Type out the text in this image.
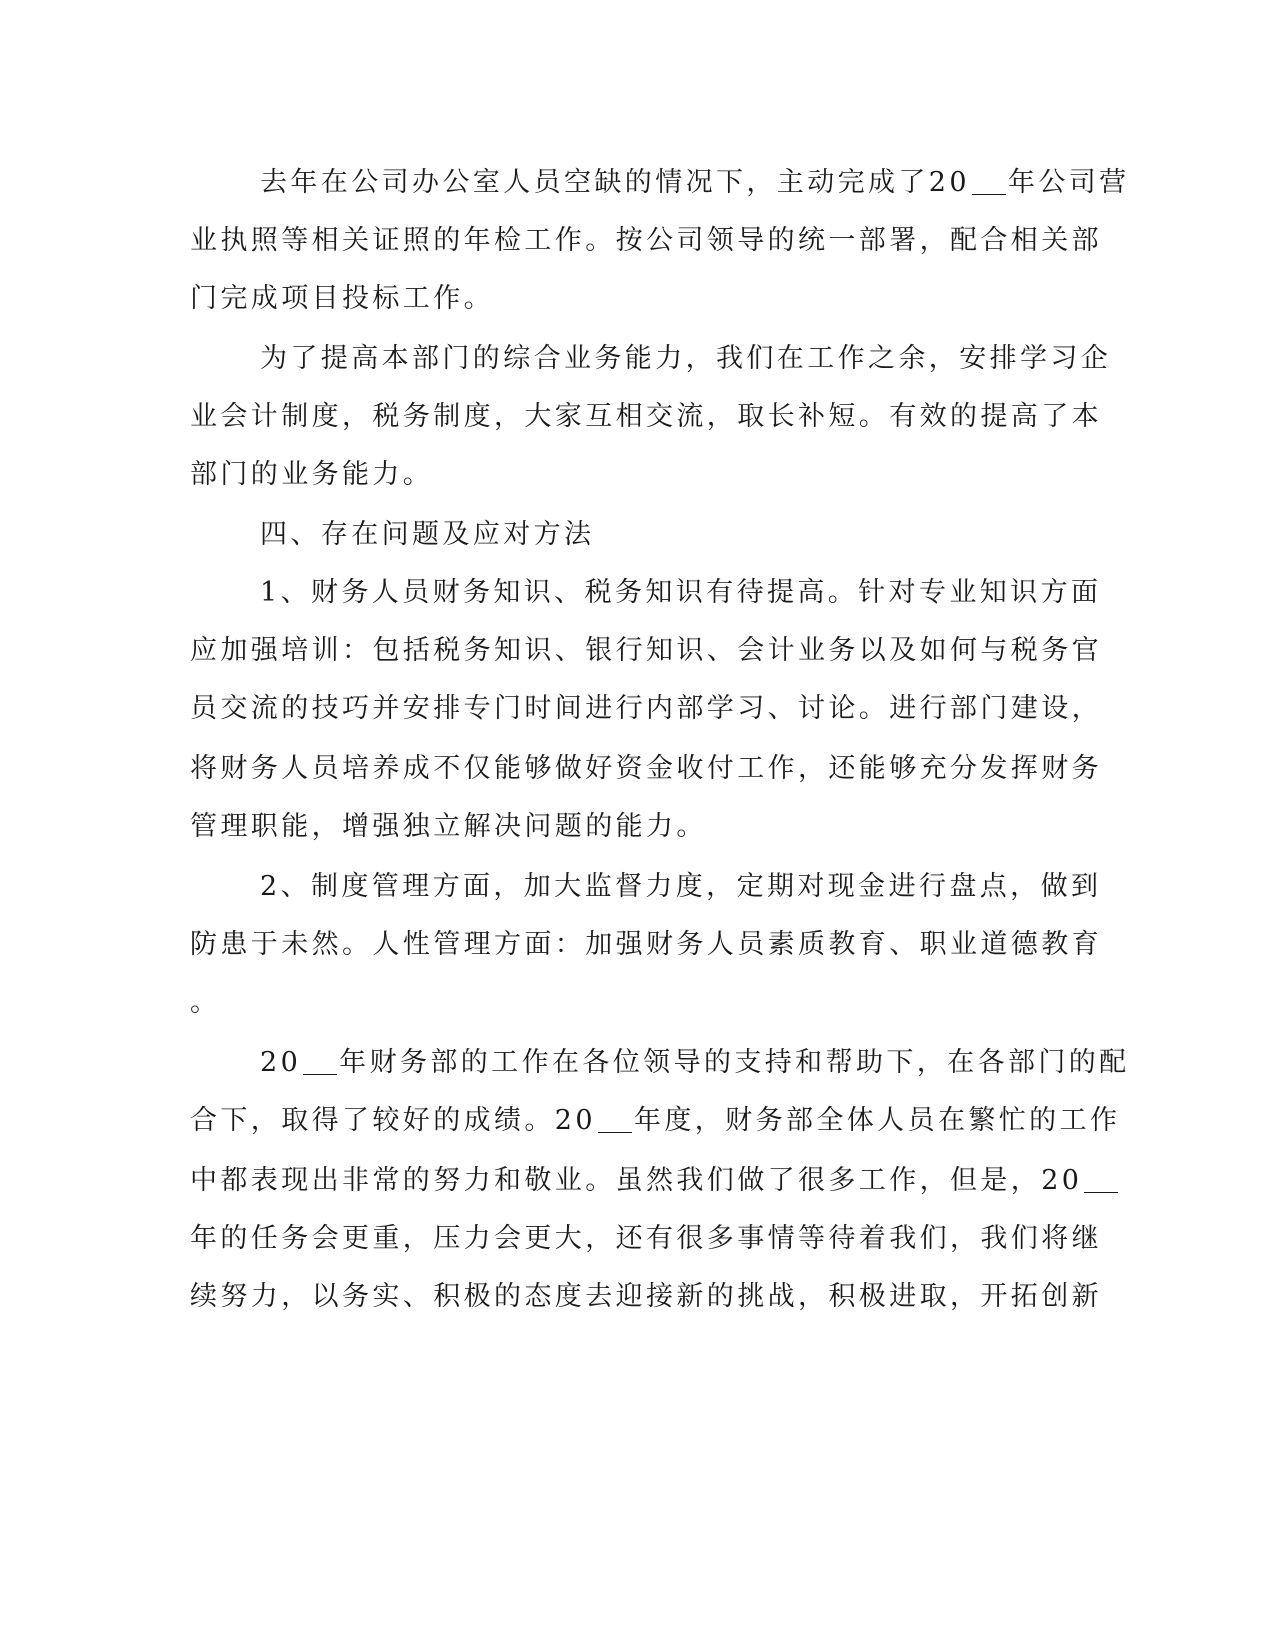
去年在公司办公室人员空缺的情况下，主动完成了20 年公司营

业执照等相关证照的年检工作。按公司领导的统一部署，配合相关部

门完成项目投标工作。

为了提高本部门的综合业务能力，我们在工作之余，安排学习企

业会计制度，税务制度，大家互相交流，取长补短。有效的提高了本

部门的业务能力。

四、存在问题及应对方法

1、财务人员财务知识、税务知识有待提高。针对专业知识方面

应加强培训：包括税务知识、银行知识、会计业务以及如何与税务官

员交流的技巧并安排专门时间进行内部学习、讨论。进行部门建设，

将财务人员培养成不仅能够做好资金收付工作，还能够充分发挥财务

管理职能，增强独立解决问题的能力。

2、制度管理方面，加大监督力度，定期对现金进行盘点，做到

防患于未然。人性管理方面：加强财务人员素质教育、职业道德教育

。

20 年财务部的工作在各位领导的支持和帮助下，在各部门的配

合下，取得了较好的成绩。20 年度，财务部全体人员在繁忙的工作

中都表现出非常的努力和敬业。虽然我们做了很多工作，但是，20

年的任务会更重，压力会更大，还有很多事情等待着我们，我们将继

续努力，以务实、积极的态度去迎接新的挑战，积极进取，开拓创新
